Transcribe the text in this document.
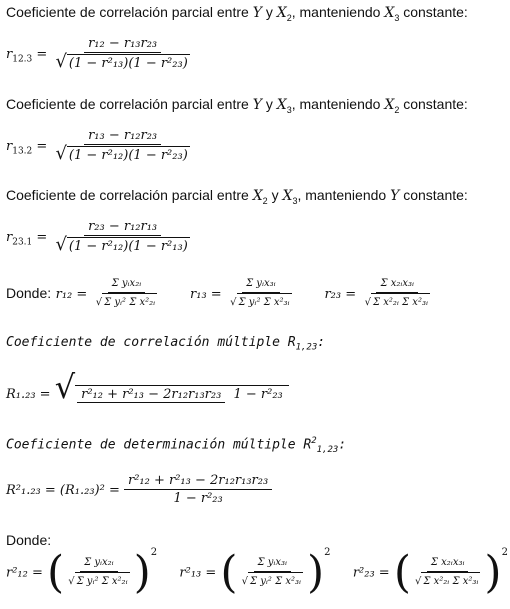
Coeficiente de correlación parcial entre Y y $X_2$, manteniendo $X_3$ constante:
$r_{12.3} = \frac{\text{r₁₂ − r₁₃r₂₃}}{\text{√ (1 − r²₁₃)(1 − r²₂₃)}}$
Coeficiente de correlación parcial entre Y y $X_3$, manteniendo $X_2$ constante:
$r_{13.2} = \frac{\text{r₁₃ − r₁₂r₂₃}}{\text{√ (1 − r²₁₂)(1 − r²₂₃)}}$
Coeficiente de correlación parcial entre $X_2$ y $X_3$, manteniendo Y constante:
$r_{23.1} = \frac{\text{r₂₃ − r₁₂r₁₃}}{\text{√ (1 − r²₁₂)(1 − r²₁₃)}}$
Donde: $r_{12} = \frac{\text{Σ yᵢx₂ᵢ}}{\text{√ Σ yᵢ² Σ x²₂ᵢ}} r_{13} = \frac{\text{Σ yᵢx₃ᵢ}}{\text{√ Σ yᵢ² Σ x²₃ᵢ}} r_{23} = \frac{\text{Σ x₂ᵢx₃ᵢ}}{\text{√ Σ x²₂ᵢ Σ x²₃ᵢ}}$
Coeficiente de correlación múltiple $R_{1,23}$:
R₁.₂₃ = √ r²₁₂ + r²₁₃ − 2r₁₂r₁₃r₂₃ 1 − r²₂₃
Coeficiente de determinación múltiple $R^2_{1,23}$:
$R^2_1._{23} = (R_1._{23})^2 = \frac{\text{r²₁₂ + r²₁₃ − 2r₁₂r₁₃r₂₃}}{\text{1 − r²₂₃}}$
Donde:
r²₁₂ = ( $\frac{\text{Σ yᵢx₂ᵢ}}{\text{√ Σ yᵢ² Σ x²₂ᵢ}} )^2$  r²₁₃ = ( $\frac{\text{Σ yᵢx₃ᵢ}}{\text{√ Σ yᵢ² Σ x²₃ᵢ}} )^2$  r²₂₃ = ( $\frac{\text{Σ x₂ᵢx₃ᵢ}}{\text{√ Σ x²₂ᵢ Σ x²₃ᵢ}} )^2$
